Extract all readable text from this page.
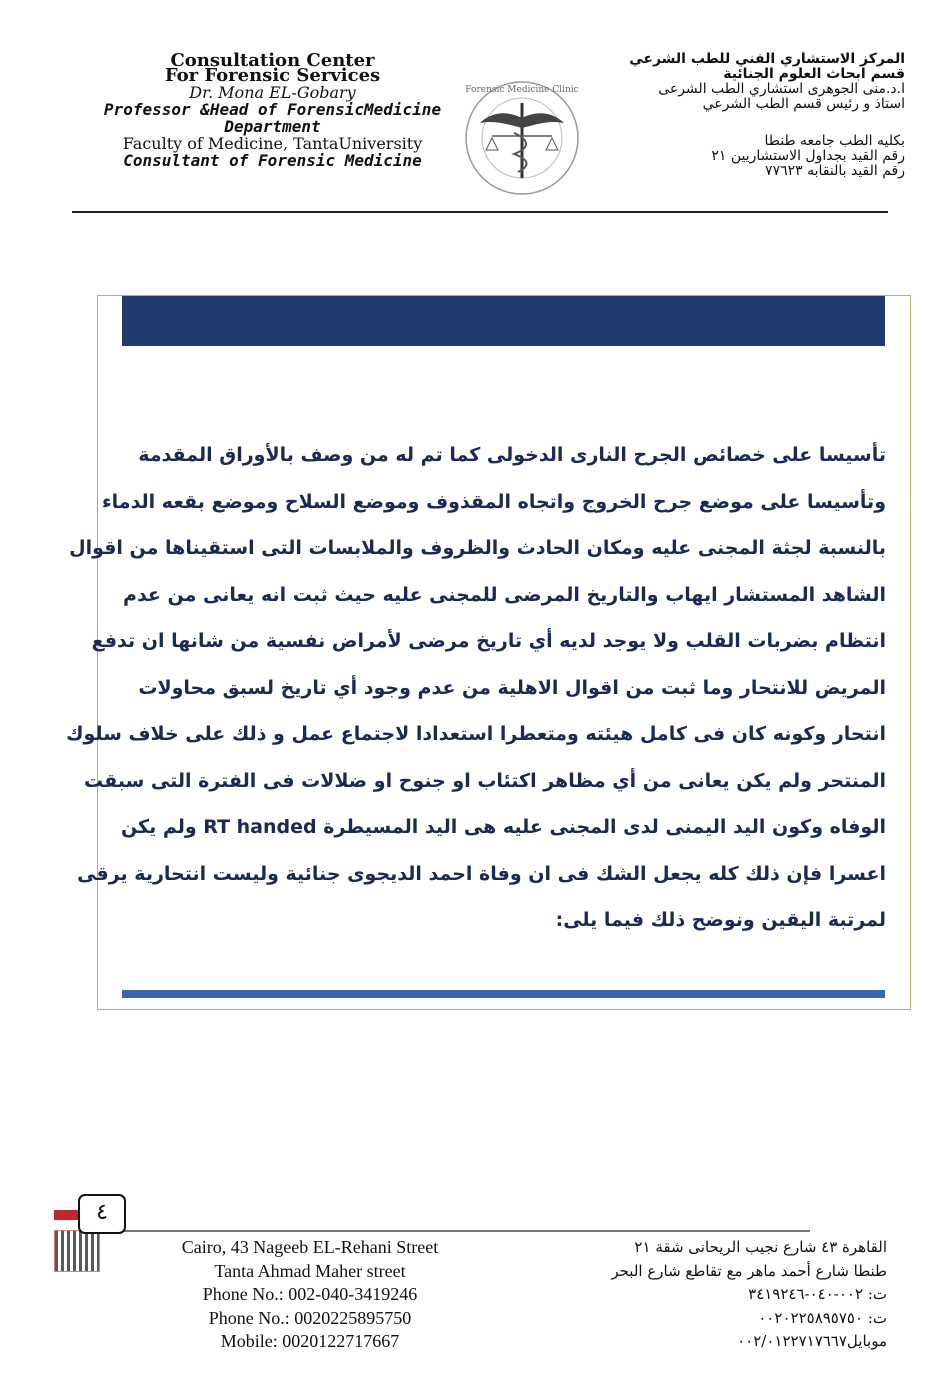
Consultation Center
For Forensic Services
Dr. Mona EL-Gobary
Professor &Head of ForensicMedicine
Department
Faculty of Medicine, TantaUniversity
Consultant of Forensic Medicine
Forensic Medicine Clinic
المركز الاستشاري الفني للطب الشرعي
قسم ابحاث العلوم الجنائية
ا.د.منى الجوهرى استشاري الطب الشرعى
استاذ و رئيس قسم الطب الشرعي
بكليه الطب جامعه طنطا
رقم القيد بجداول الاستشاريين ٢١
رقم القيد بالنقابه ٧٧٦٢٣

تأسيسا على خصائص الجرح النارى الدخولى كما تم له من وصف بالأوراق المقدمة

وتأسيسا على موضع جرح الخروج واتجاه المقذوف وموضع السلاح وموضع بقعه الدماء

بالنسبة لجثة المجنى عليه ومكان الحادث والظروف والملابسات التى استقيناها من اقوال

الشاهد المستشار ايهاب والتاريخ المرضى للمجنى عليه حيث ثبت انه يعانى من عدم

انتظام بضربات القلب ولا يوجد لديه أي تاريخ مرضى لأمراض نفسية من شانها ان تدفع

المريض للانتحار وما ثبت من اقوال الاهلية من عدم وجود أي تاريخ لسبق محاولات

انتحار وكونه كان فى كامل هيئته ومتعطرا استعدادا لاجتماع عمل و ذلك على خلاف سلوك

المنتحر ولم يكن يعانى من أي مظاهر اكتئاب او جنوح او ضلالات فى الفترة التى سبقت

الوفاه وكون اليد اليمنى لدى المجنى عليه هى اليد المسيطرة RT handed ولم يكن

اعسرا فإن ذلك كله يجعل الشك فى ان وفاة احمد الديجوى جنائية وليست انتحارية يرقى

لمرتبة اليقين ونوضح ذلك فيما يلى:

٤
Cairo, 43 Nageeb EL-Rehani Street
Tanta Ahmad Maher street
Phone No.: 002-040-3419246
Phone No.: 0020225895750
Mobile: 0020122717667
القاهرة ٤٣ شارع نجيب الريحانى شقة ٢١
طنطا شارع أحمد ماهر مع تقاطع شارع البحر
ت: ٠٠٢-٠٤٠-٣٤١٩٢٤٦
ت: ٠٠٢٠٢٢٥٨٩٥٧٥٠
موبايل٠٠٢/٠١٢٢٧١٧٦٦٧
